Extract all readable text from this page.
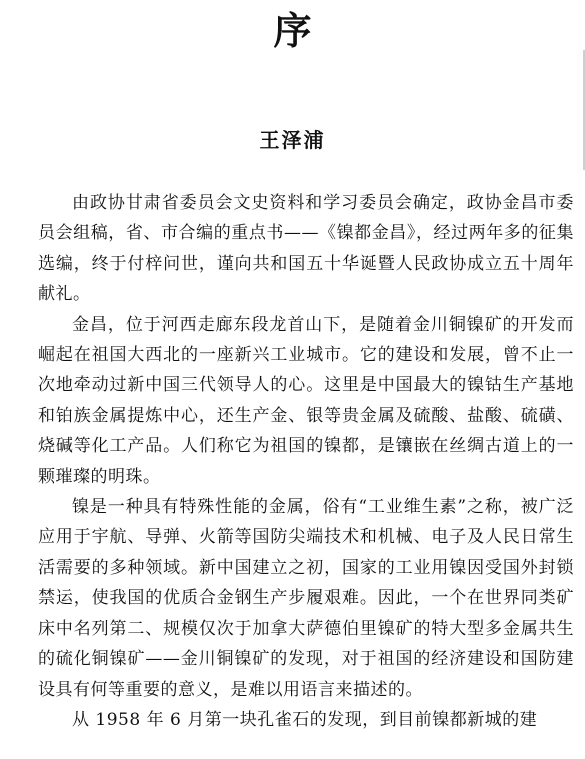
序
王泽浦

由政协甘肃省委员会文史资料和学习委员会确定，政协金昌市委员会组稿，省、市合编的重点书——《镍都金昌》，经过两年多的征集选编，终于付梓问世，谨向共和国五十华诞暨人民政协成立五十周年献礼。

金昌，位于河西走廊东段龙首山下，是随着金川铜镍矿的开发而崛起在祖国大西北的一座新兴工业城市。它的建设和发展，曾不止一次地牵动过新中国三代领导人的心。这里是中国最大的镍钴生产基地和铂族金属提炼中心，还生产金、银等贵金属及硫酸、盐酸、硫磺、烧碱等化工产品。人们称它为祖国的镍都，是镶嵌在丝绸古道上的一颗璀璨的明珠。

镍是一种具有特殊性能的金属，俗有“工业维生素”之称，被广泛应用于宇航、导弹、火箭等国防尖端技术和机械、电子及人民日常生活需要的多种领域。新中国建立之初，国家的工业用镍因受国外封锁禁运，使我国的优质合金钢生产步履艰难。因此，一个在世界同类矿床中名列第二、规模仅次于加拿大萨德伯里镍矿的特大型多金属共生的硫化铜镍矿——金川铜镍矿的发现，对于祖国的经济建设和国防建设具有何等重要的意义，是难以用语言来描述的。

从 1958 年 6 月第一块孔雀石的发现，到目前镍都新城的建
